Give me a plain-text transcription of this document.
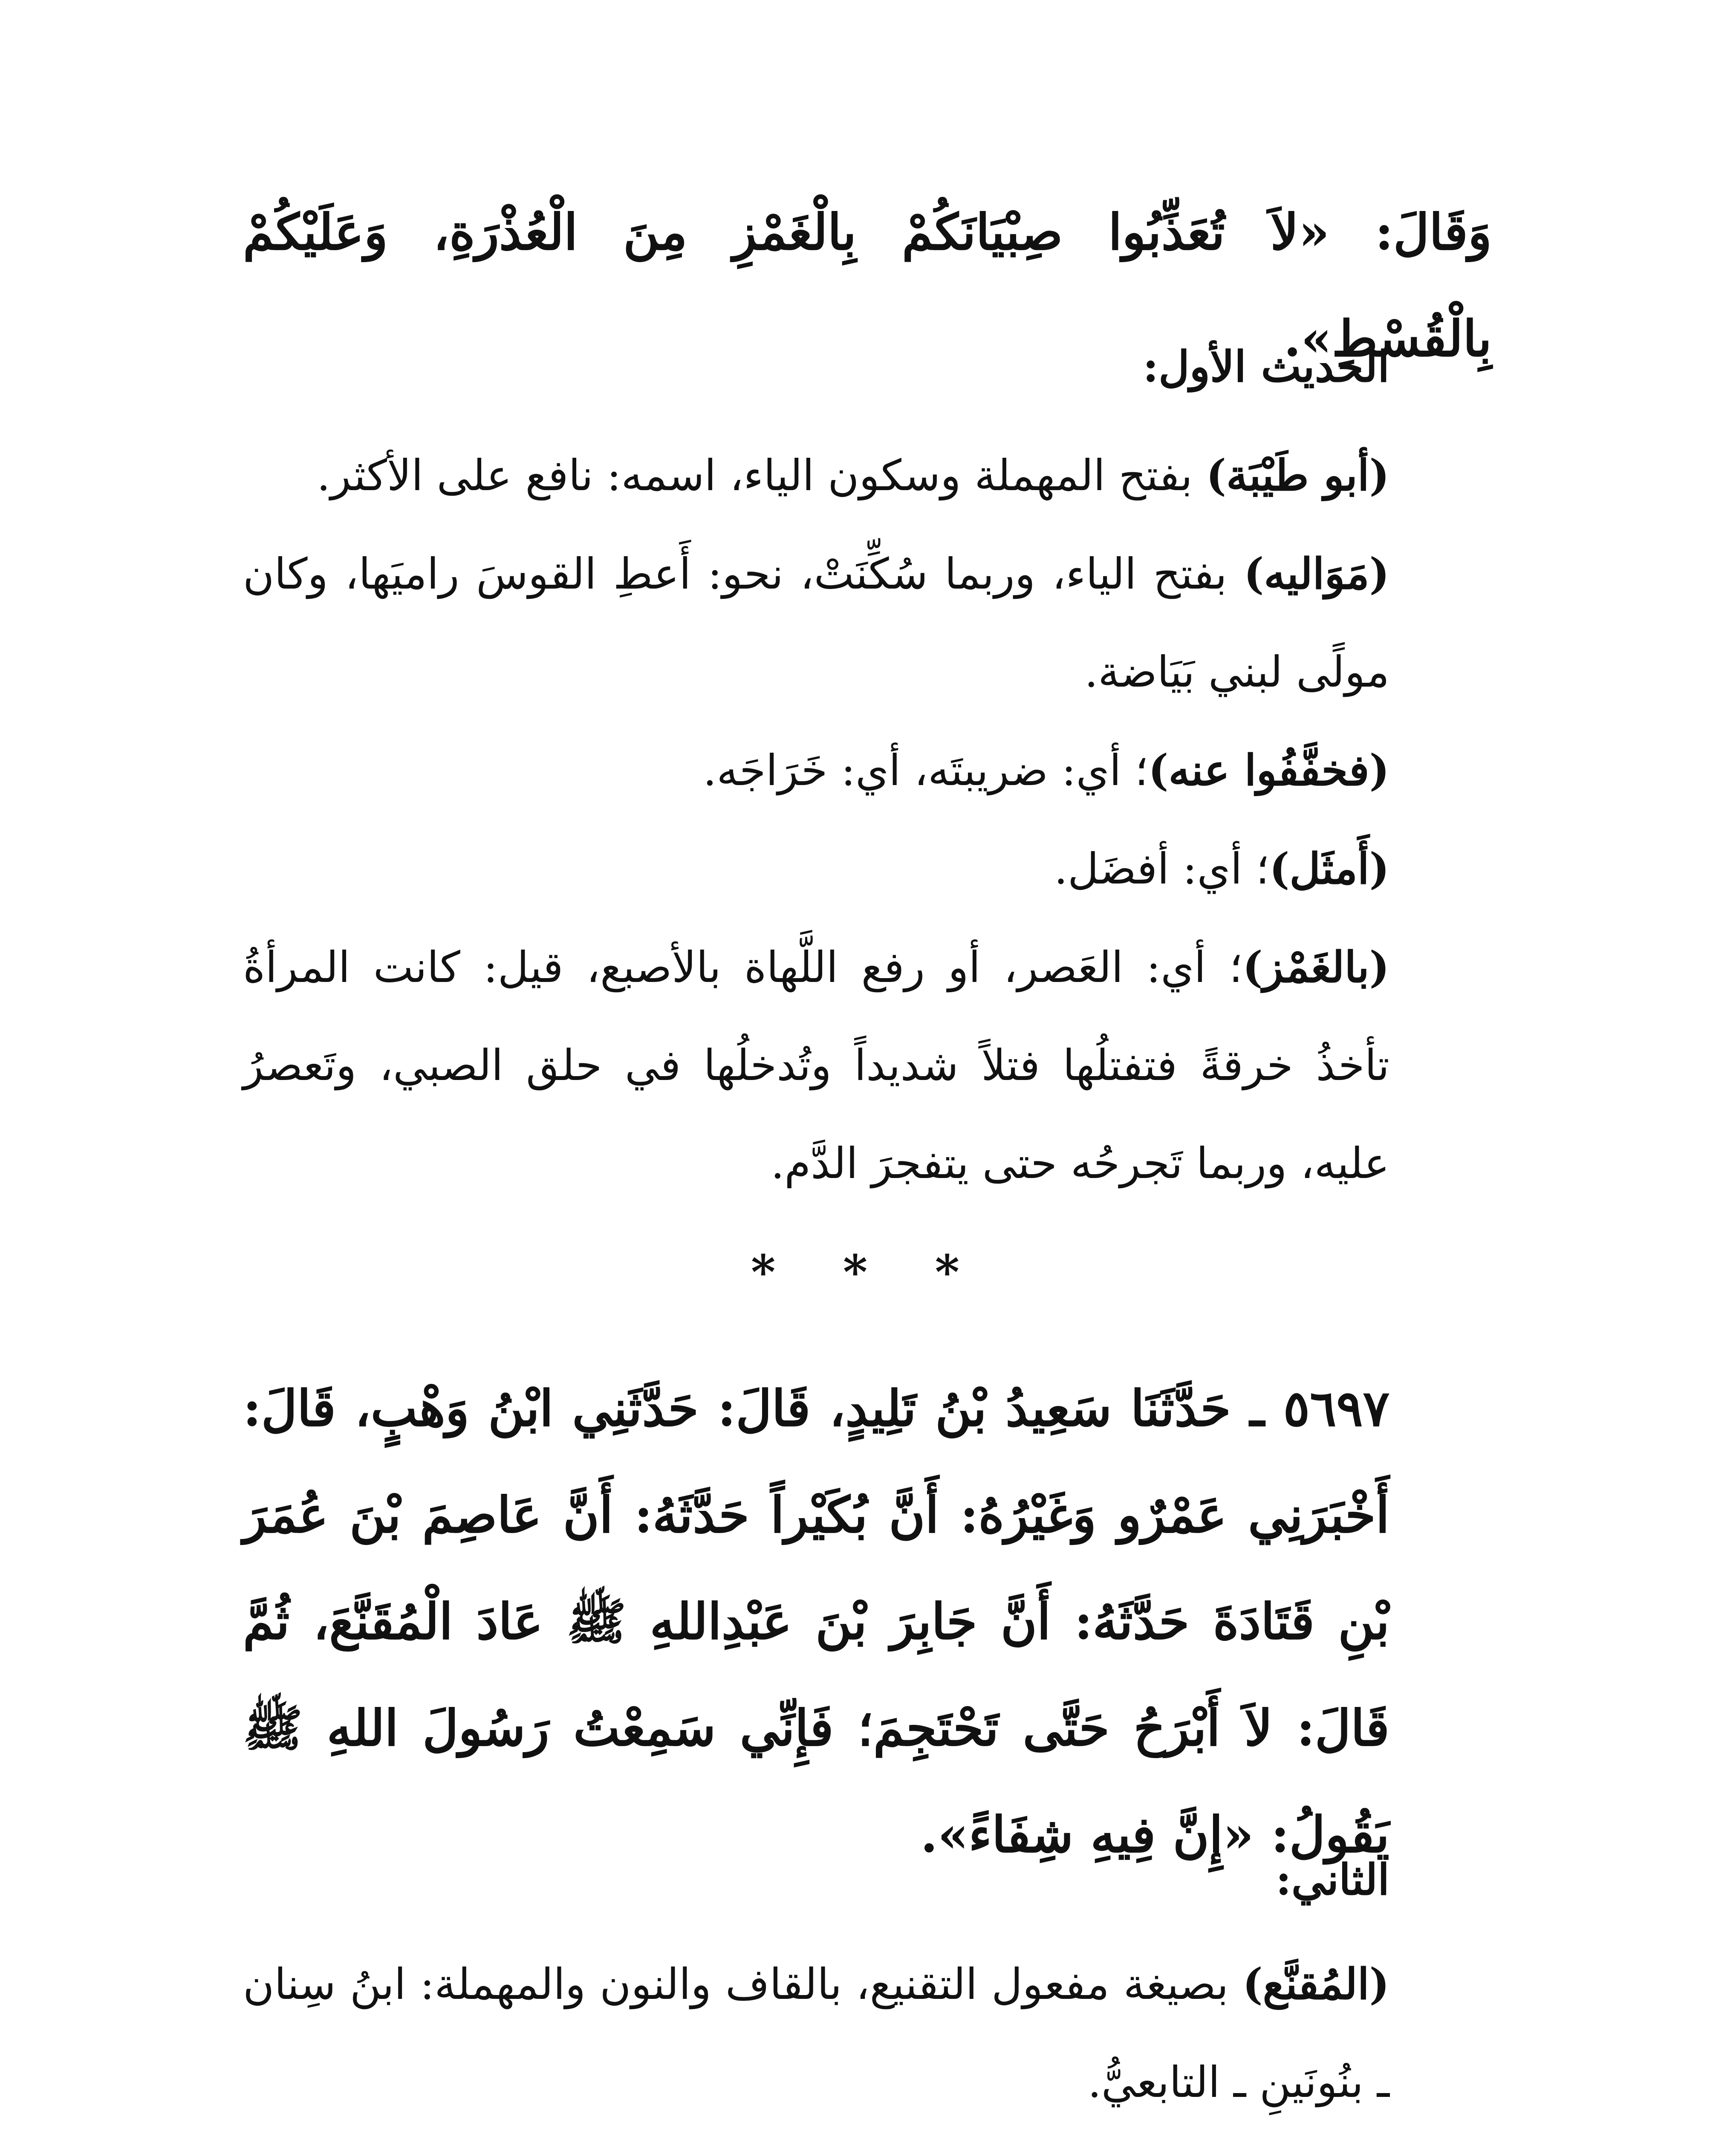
وَقَالَ: «لاَ تُعَذِّبُوا صِبْيَانَكُمْ بِالْغَمْزِ مِنَ الْعُذْرَةِ، وَعَلَيْكُمْ بِالْقُسْطِ».

الحديث الأول:

(أبو طَيْبَة) بفتح المهملة وسكون الياء، اسمه: نافع على الأكثر.

(مَوَاليه) بفتح الياء، وربما سُكِّنَتْ، نحو: أَعطِ القوسَ راميَها، وكان مولًى لبني بَيَاضة.

(فخفَّفُوا عنه)؛ أي: ضريبتَه، أي: خَرَاجَه.

(أَمثَل)؛ أي: أفضَل.

(بالغَمْز)؛ أي: العَصر، أو رفع اللَّهاة بالأصبع، قيل: كانت المرأةُ تأخذُ خرقةً فتفتلُها فتلاً شديداً وتُدخلُها في حلق الصبي، وتَعصرُ عليه، وربما تَجرحُه حتى يتفجرَ الدَّم.

* * *

٥٦٩٧ ـ حَدَّثَنَا سَعِيدُ بْنُ تَلِيدٍ، قَالَ: حَدَّثَنِي ابْنُ وَهْبٍ، قَالَ: أَخْبَرَنِي عَمْرٌو وَغَيْرُهُ: أَنَّ بُكَيْراً حَدَّثَهُ: أَنَّ عَاصِمَ بْنَ عُمَرَ بْنِ قَتَادَةَ حَدَّثَهُ: أَنَّ جَابِرَ بْنَ عَبْدِاللهِ ﷺ عَادَ الْمُقَنَّعَ، ثُمَّ قَالَ: لاَ أَبْرَحُ حَتَّى تَحْتَجِمَ؛ فَإِنِّي سَمِعْتُ رَسُولَ اللهِ ﷺ يَقُولُ: «إِنَّ فِيهِ شِفَاءً».

الثاني:

(المُقنَّع) بصيغة مفعول التقنيع، بالقاف والنون والمهملة: ابنُ سِنان ـ بنُونَينِ ـ التابعيُّ.
